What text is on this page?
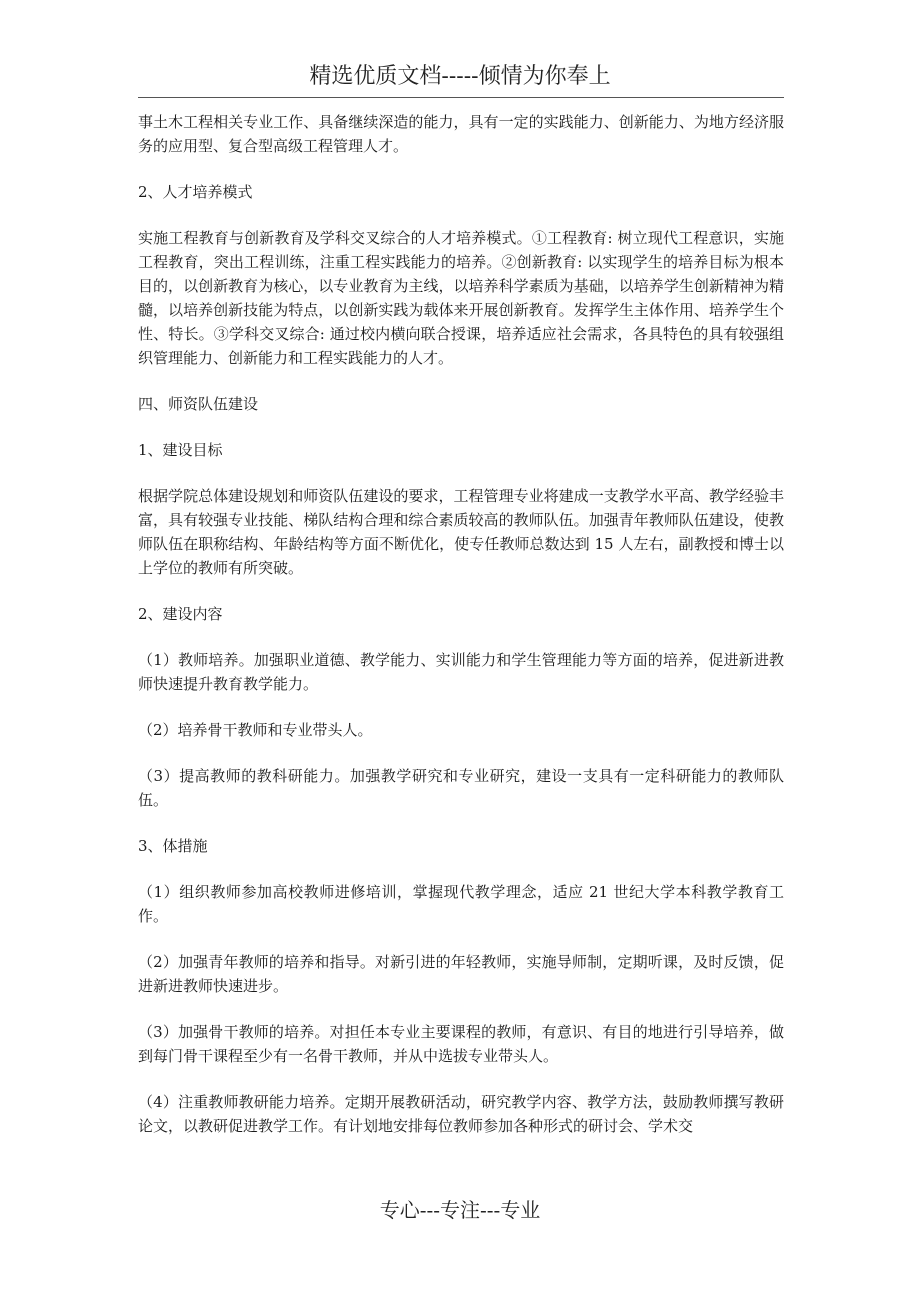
精选优质文档-----倾情为你奉上

事土木工程相关专业工作、具备继续深造的能力，具有一定的实践能力、创新能力、为地方经济服务的应用型、复合型高级工程管理人才。

2、人才培养模式

实施工程教育与创新教育及学科交叉综合的人才培养模式。①工程教育: 树立现代工程意识，实施工程教育，突出工程训练，注重工程实践能力的培养。②创新教育: 以实现学生的培养目标为根本目的，以创新教育为核心，以专业教育为主线，以培养科学素质为基础，以培养学生创新精神为精髓，以培养创新技能为特点，以创新实践为载体来开展创新教育。发挥学生主体作用、培养学生个性、特长。③学科交叉综合: 通过校内横向联合授课，培养适应社会需求，各具特色的具有较强组织管理能力、创新能力和工程实践能力的人才。

四、师资队伍建设

1、建设目标

根据学院总体建设规划和师资队伍建设的要求，工程管理专业将建成一支教学水平高、教学经验丰富，具有较强专业技能、梯队结构合理和综合素质较高的教师队伍。加强青年教师队伍建设，使教师队伍在职称结构、年龄结构等方面不断优化，使专任教师总数达到 15 人左右，副教授和博士以上学位的教师有所突破。

2、建设内容

（1）教师培养。加强职业道德、教学能力、实训能力和学生管理能力等方面的培养，促进新进教师快速提升教育教学能力。

（2）培养骨干教师和专业带头人。

（3）提高教师的教科研能力。加强教学研究和专业研究，建设一支具有一定科研能力的教师队伍。

3、体措施

（1）组织教师参加高校教师进修培训，掌握现代教学理念，适应 21 世纪大学本科教学教育工作。

（2）加强青年教师的培养和指导。对新引进的年轻教师，实施导师制，定期听课，及时反馈，促进新进教师快速进步。

（3）加强骨干教师的培养。对担任本专业主要课程的教师，有意识、有目的地进行引导培养，做到每门骨干课程至少有一名骨干教师，并从中选拔专业带头人。

（4）注重教师教研能力培养。定期开展教研活动，研究教学内容、教学方法，鼓励教师撰写教研论文，以教研促进教学工作。有计划地安排每位教师参加各种形式的研讨会、学术交

专心---专注---专业
